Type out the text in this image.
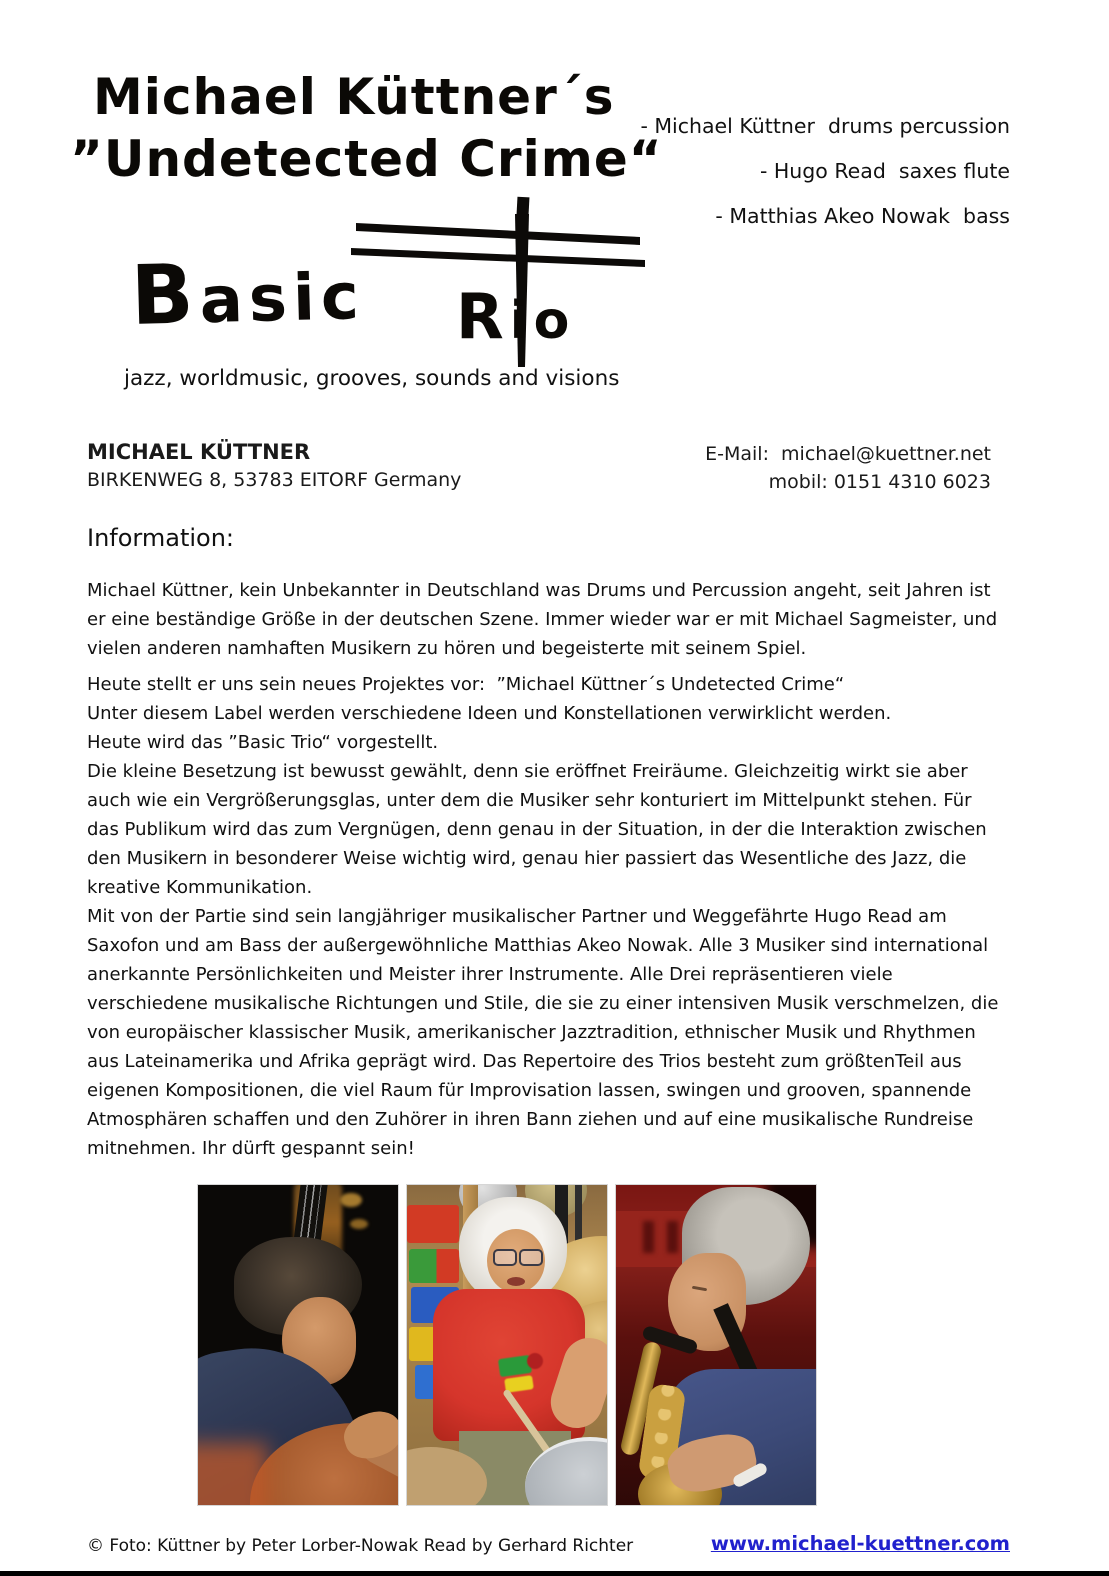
Michael Küttner´s
”Undetected Crime“
Basic Rio
jazz, worldmusic, grooves, sounds and visions
- Michael Küttner  drums percussion
- Hugo Read  saxes flute
- Matthias Akeo Nowak  bass
MICHAEL KÜTTNER
BIRKENWEG 8, 53783 EITORF Germany
E-Mail:  michael@kuettner.net
mobil: 0151 4310 6023
Information:
Michael Küttner, kein Unbekannter in Deutschland was Drums und Percussion angeht, seit Jahren ist
er eine beständige Größe in der deutschen Szene. Immer wieder war er mit Michael Sagmeister, und
vielen anderen namhaften Musikern zu hören und begeisterte mit seinem Spiel.
Heute stellt er uns sein neues Projektes vor:  ”Michael Küttner´s Undetected Crime“
Unter diesem Label werden verschiedene Ideen und Konstellationen verwirklicht werden.
Heute wird das ”Basic Trio“ vorgestellt.
Die kleine Besetzung ist bewusst gewählt, denn sie eröffnet Freiräume. Gleichzeitig wirkt sie aber
auch wie ein Vergrößerungsglas, unter dem die Musiker sehr konturiert im Mittelpunkt stehen. Für
das Publikum wird das zum Vergnügen, denn genau in der Situation, in der die Interaktion zwischen
den Musikern in besonderer Weise wichtig wird, genau hier passiert das Wesentliche des Jazz, die
kreative Kommunikation.
Mit von der Partie sind sein langjähriger musikalischer Partner und Weggefährte Hugo Read am
Saxofon und am Bass der außergewöhnliche Matthias Akeo Nowak. Alle 3 Musiker sind international
anerkannte Persönlichkeiten und Meister ihrer Instrumente. Alle Drei repräsentieren viele
verschiedene musikalische Richtungen und Stile, die sie zu einer intensiven Musik verschmelzen, die
von europäischer klassischer Musik, amerikanischer Jazztradition, ethnischer Musik und Rhythmen
aus Lateinamerika und Afrika geprägt wird. Das Repertoire des Trios besteht zum größtenTeil aus
eigenen Kompositionen, die viel Raum für Improvisation lassen, swingen und grooven, spannende
Atmosphären schaffen und den Zuhörer in ihren Bann ziehen und auf eine musikalische Rundreise
mitnehmen. Ihr dürft gespannt sein!
© Foto: Küttner by Peter Lorber-Nowak Read by Gerhard Richter	www.michael-kuettner.com
